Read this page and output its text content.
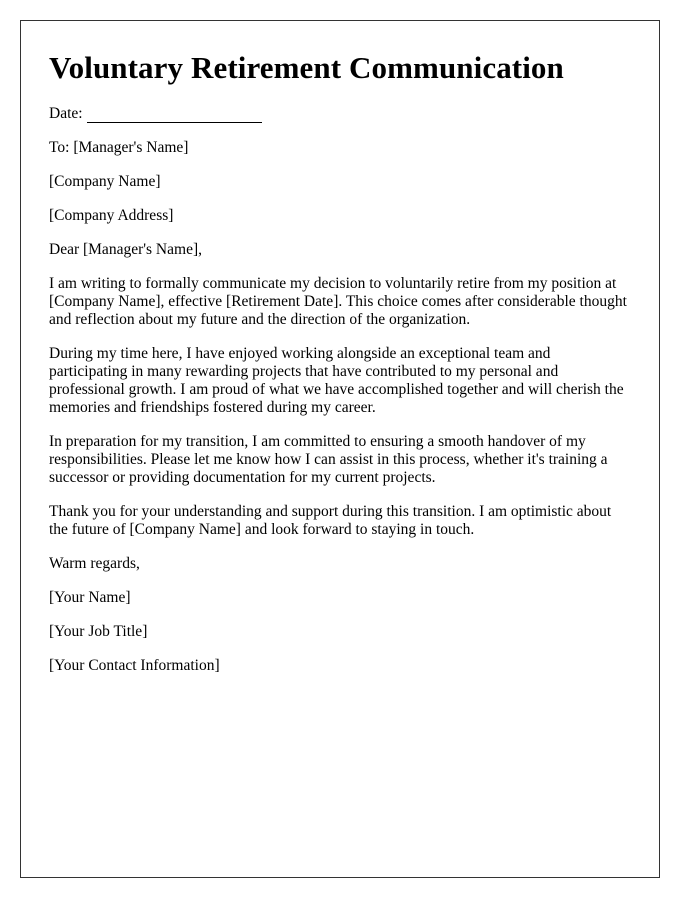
Voluntary Retirement Communication
Date:

To: [Manager's Name]

[Company Name]

[Company Address]

Dear [Manager's Name],

I am writing to formally communicate my decision to voluntarily retire from my position at [Company Name], effective [Retirement Date]. This choice comes after considerable thought and reflection about my future and the direction of the organization.

During my time here, I have enjoyed working alongside an exceptional team and participating in many rewarding projects that have contributed to my personal and professional growth. I am proud of what we have accomplished together and will cherish the memories and friendships fostered during my career.

In preparation for my transition, I am committed to ensuring a smooth handover of my responsibilities. Please let me know how I can assist in this process, whether it's training a successor or providing documentation for my current projects.

Thank you for your understanding and support during this transition. I am optimistic about the future of [Company Name] and look forward to staying in touch.

Warm regards,

[Your Name]

[Your Job Title]

[Your Contact Information]
